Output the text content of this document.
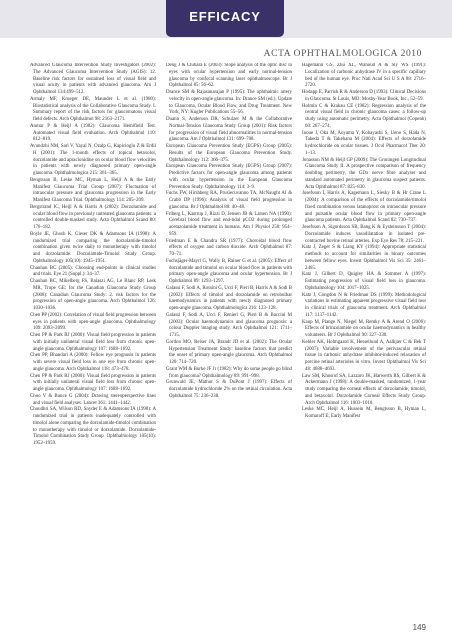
EFFICACY
ACTA OPHTHALMOLOGICA 2010

Advanced Glaucoma Intervention Study Investigators (2002): The Advanced Glaucoma Intervention Study (AGIS): 12. Baseline risk factors for sustained loss of visual field and visual acuity in patients with advanced glaucoma. Am J Ophthalmol 134:499–512.

Armaly MF, Krueger DE, Maunder L et al. (1980): Biostatistical analysis of the Collaborative Glaucoma Study. I. Summary report of the risk factors for glaucomatous visual field defects. Arch Ophthalmol 98: 2163–2171.

Anmar P & Heijl A (1982): Glaucoma Hemifield Test. Automated visual field evaluation. Arch Ophthalmol 110: 812–819.

Avundzhi NM, Sari V, Yayal N, Ozalp G, Kapicioglu Z & Erdil H (2001): The 1-month effects of topical betaxolol, dorzolamide and apraclonidine on ocular blood flow velocities in patients with newly diagnosed primary open-angle glaucoma. Ophthalmologica 215: 361–365.

Bengtsson B, Leske MC, Hyman L, Heijl A & the Early Manifest Glaucoma Trial Group (2007): Fluctuation of intraocular pressure and glaucoma progression in the Early Manifest Glaucoma Trial. Ophthalmology 114: 205–209.

Bergstrand IC, Heijl A & Harris A (2002): Dorzolamide and ocular blood flow in previously untreated glaucoma patients: a controlled double-masked study. Acta Ophthalmol Scand 80: 176–182.

Boyle JE, Ghosh K, Gieser DK & Adamsons IA (1998): A randomized trial comparing the dorzolamide-timolol combination given twice daily to monotherapy with timolol and dorzolamide. Dorzolamide-Timolol Study Group. Ophthalmology 105(10): 1945–1951.

Chauhan BC (2005): Choosing end-points in clinical studies and trials. Eye 21 (Suppl.): 34–37.

Chauhan BC, Mikelberg FS, Balaszi AG, Le Blanc RP, Lesk MR, Trope GE; for the Canadian Glaucoma Study Group (2008): Canadian Glaucoma Study: 2. risk factors for the progression of open-angle glaucoma. Arch Ophthalmol 126: 1030–1036.

Chen PP (2002): Correlation of visual field progression between eyes in patients with open-angle glaucoma. Ophthalmology 109: 2093–2099.

Chen PP & Park RJ (2000): Visual field progression in patients with initially unilateral visual field loss from chronic open-angle glaucoma. Ophthalmology 107: 1688–1692.

Chen PP, Bhandari A (2000): Fellow eye prognosis in patients with severe visual field loss in one eye from chronic open-angle glaucoma. Arch Ophthalmol 118: 473–478.

Chen PP & Park RJ (2000): Visual field progression in patients with initially unilateral visual field loss from chronic open-angle glaucoma. Ophthalmology 107: 1688–1692.

Choo V & Bunce G (2004): Drawing stereoperspective lines and visual field analyses. Lancet 361: 1441–1442.

Choudhri SA, Wilson RD, Snyder E & Adamsons IA (1998): A randomized trial in patients inadequately controlled with timolol alone comparing the dorzolamide-timolol combination to monotherapy with timolol or dorzolamide. Dorzolamide-Timolol Combination Study Group. Ophthalmology 105(10): 1952–1959.

Deng J & Chihara E (2003): Slope analysis of the optic disc in eyes with ocular hypertension and early normal-tension glaucoma by confocal scanning laser ophthalmoscope. Br J Ophthalmol 85: 56–62.

Drance SM & Rajasanarajan P (1995): The ophthalmic artery velocity in open-angle glaucoma. In: Drance SM (ed.). Update to Glaucoma, Ocular Blood Flow, and Drug Treatment. New York, NY: Kugler Publications 55–56.

Duann S, Anderson DR, Schulzer M & the Collaborative Normal-Tension Glaucoma Study Group (2001): Risk factors for progression of visual field abnormalities in normal-tension glaucoma. Am J Ophthalmol 131: 699–708.

European Glaucoma Prevention Study (EGPS) Group (2005): Results of the European Glaucoma Prevention Study. Ophthalmology 112: 366–375.

European Glaucoma Prevention Study (EGPS) Group (2007): Predictive factors for open-angle glaucoma among patients with ocular hypertension in the European Glaucoma Prevention Study. Ophthalmology 114: 3–9.

Fuchs FW, Hirshberg RA, Prusiecuvanno TA, McNaught AI & Crabb DP (1996): Analysis of visual field progression in glaucoma. Br J Ophthalmol 80: 40–48.

Friberg L, Kastrup J, Rizzi D, Jensen JB & Larsen NA (1990): Cerebral blood flow and end-tidal pCO2 during prolonged acetazolamide treatment in humans. Am J Physiol 258: 954–959.

Friedman E & Chandra SR (1977): Choroidal blood flow effects of oxygen and carbon dioxide. Arch Ophthalmol 87: 70–71.

Fuchsjäger-Mayrl G, Wally B, Rainer G et al. (2005): Effect of dorzolamide and timolol on ocular blood flow in patients with primary open-angle glaucoma and ocular hypertension. Br J Ophthalmol 89: 1293–1297.

Galassi F, Sodi A, Rossini G, Ucci F, Pieri B, Harris A & Sodi B (2002): Effects of timolol and dorzolamide on retrobulbar haemodynamics in patients with newly diagnosed primary open-angle glaucoma. Ophthalmologica 216: 123–128.

Galassi F, Sodi A, Ucci F, Renieri G, Pieri B & Baccini M (2003): Ocular haemodynamics and glaucoma prognosis: a colour Doppler imaging study. Arch Ophthalmol 121: 1711–1715.

Gordon MO, Beiser JA, Brandt JD et al. (2002): The Ocular Hypertension Treatment Study: baseline factors that predict the onset of primary open-angle glaucoma. Arch Ophthalmol 120: 714–720.

Grant WM & Burke JF Jr (1982): Why do some people go blind from glaucoma? Ophthalmology 89: 991–998.

Grunwald JE, Mathur S & DuPont J (1997): Effects of dorzolamide hydrochloride 2% on the retinal circulation. Acta Ophthalmol 75: 236–238.

Hagemann GS, Zhu XL, Wahoud A & Sly WS (1991): Localization of carbonic anhydrase IV in a specific capillary bed of the human eye. Proc Natl Acad Sci U S A 88: 2716–2720.

Hodapp E, Parrish R & Anderson D (1993): Clinical Decisions in Glaucoma. St Louis, MO: Mosby-Year Book, Inc., 52–59.

Holmin C & Krakau CE (1982): Regression analysis of the central visual field in chronic glaucoma cases: a follow-up study using automatic perimetry. Acta Ophthalmol (Copenh) 60: 267–274.

Inoue J, Oka M, Aoyama Y, Kobayashi S, Ueno S, Hada N, Takeda T & Takehana M (2004): Effects of dorzolamide hydrochloride on ocular tissues. J Ocul Pharmacol Ther 20: 1–13.

Jonasson NM & Heijl GP (2009): The Groningen Longitudinal Glaucoma Study II. A prospective comparison of frequency doubling perimetry, the GDx nerve fibre analyser and standard automated perimetry in glaucoma suspect patients. Acta Ophthalmol 87: 825–830.

Josefsson I, Harris A, Kagemann L, Siesky B & Hr Crane L (2004): A comparison of the effects of dorzolamide/timolol fixed combination versus latanoprost on intraocular pressure and pulsatile ocular blood flow in primary open-angle glaucoma patients. Acta Ophthalmol Scand 82: 730–737.

Josefsson A, Sigurdsson SB, Bang K & Eysteinsson T (2004): Dorzolamide induces vasodilatation in isolated pre-contracted bovine retinal arteries. Exp Eye Res 78: 215–221.

Katz J, Zeger S & Liang KY (1994): Appropriate statistical methods to account for similarities in binary outcomes between fellow eyes. Invest Ophthalmol Vis Sci 35: 2461–2465.

Katz J, Gilbert D, Quigley HA & Sommer A (1997): Estimating progression of visual field loss in glaucoma. Ophthalmology 104: 1017–1025.

Katz J, Congdon N & Friedman DS (1999): Methodological variations in estimating apparent progressive visual field loss in clinical trials of glaucoma treatment. Arch Ophthalmol 117: 1137–1142.

Kaup M, Plange N, Niegel M, Remky A & Arend O (2006): Effects of brinzolamide on ocular haemodynamics in healthy volunteers. Br J Ophthalmol 90: 327–330.

Kehler AK, Holmgaard K, Hessellund A, Aalkjær C & Bek T (2007): Variable involvement of the perivascular retinal tissue in carbonic anhydrase inhibitor-induced relaxation of porcine retinal arterioles in vitro. Invest Ophthalmol Vis Sci 48: 4688–4693.

Law SM, Khosrof SA, Lazzaro JK, Harwerth RS, Gilbert K & Ackermann J (1998): A double-masked, randomized, 1-year study comparing the corneal effects of dorzolamide, timolol, and betaxolol. Dorzolamide Corneal Effects Study Group. Arch Ophthalmol 116: 1003–1010.

Leske MC, Heijl A, Hussein M, Bengtsson B, Hyman L, Komaroff E; Early Manifest

149
